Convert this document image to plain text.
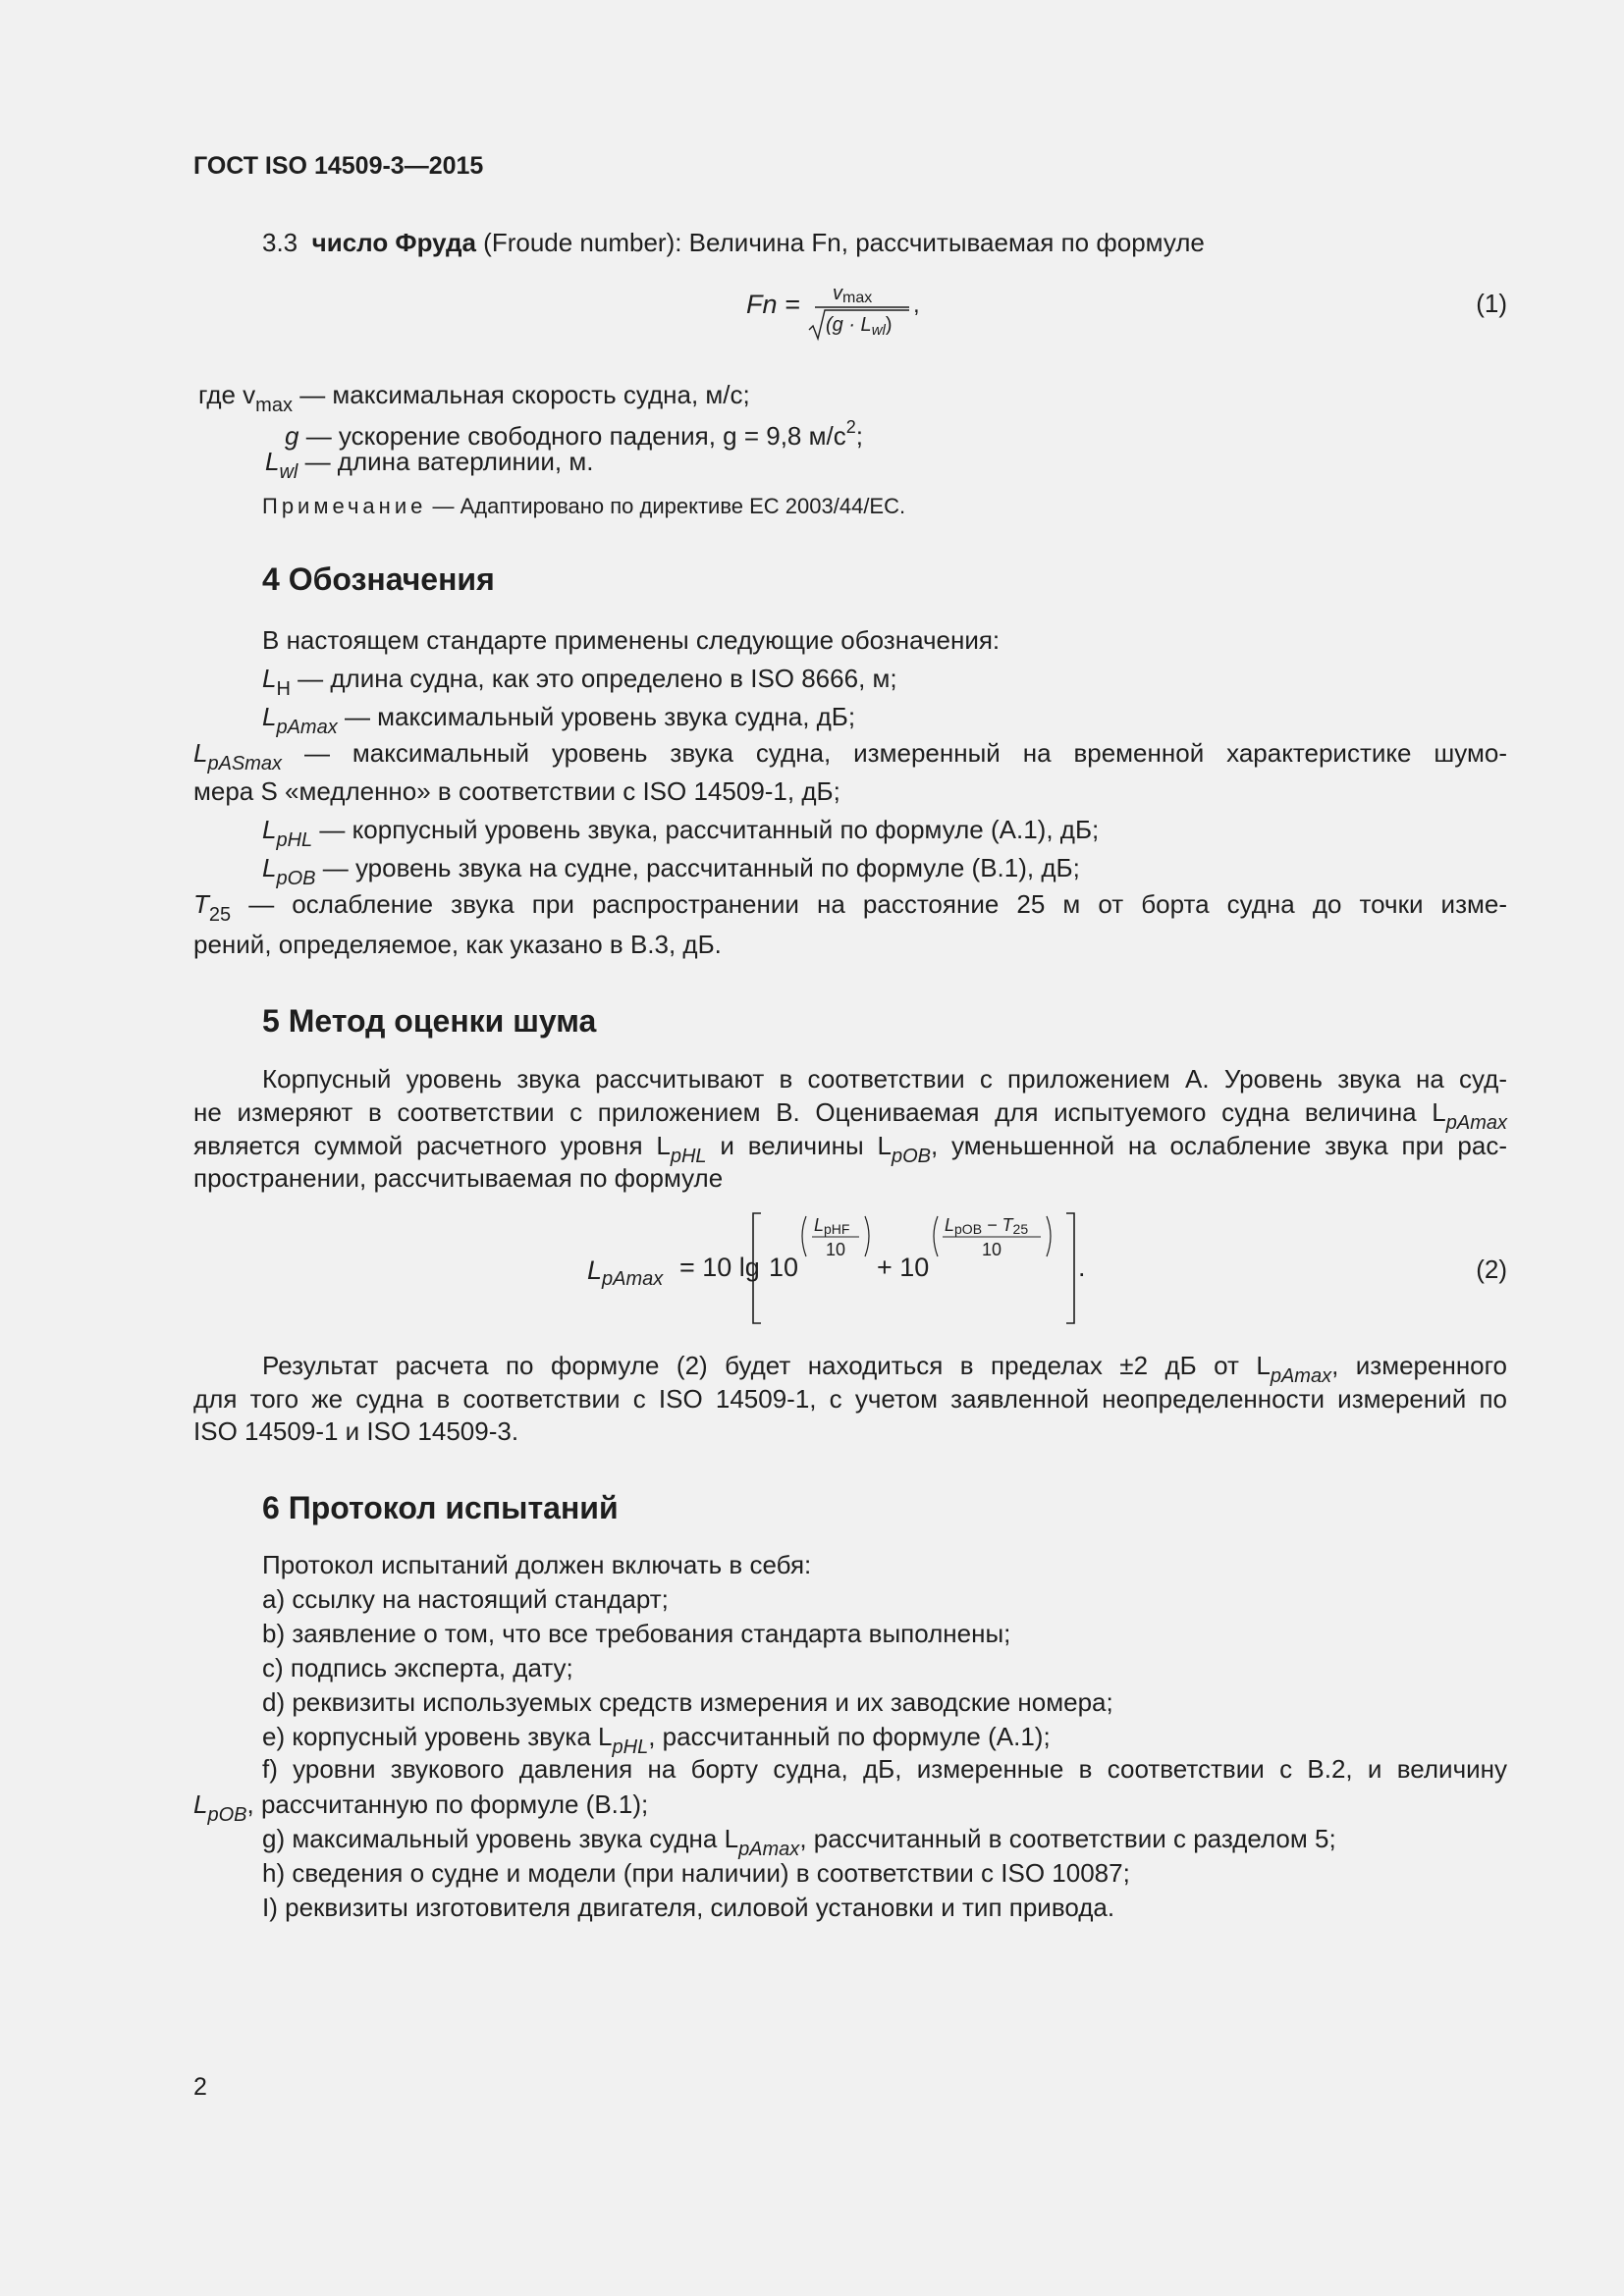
ГОСТ ISO 14509-3—2015
3.3 число Фруда (Froude number): Величина Fn, рассчитываемая по формуле
Fn = vmax
$(g \cdot L_{wl})$
,	(1)
где $v_{max}$ — максимальная скорость судна, м/с;
g — ускорение свободного падения, g = 9,8 $м/с^2$;
$L_{wl}$ — длина ватерлинии, м.
Примечание — Адаптировано по директиве ЕС 2003/44/ЕС.
4 Обозначения
В настоящем стандарте применены следующие обозначения:
$L_H$ — длина судна, как это определено в ISO 8666, м;
$L_{pAmax}$ — максимальный уровень звука судна, дБ;
$L_{pASmax}$ — максимальный уровень звука судна, измеренный на временной характеристике шумо-
мера S «медленно» в соответствии с ISO 14509-1, дБ;
$L_{pHL}$ — корпусный уровень звука, рассчитанный по формуле (А.1), дБ;
$L_{pOB}$ — уровень звука на судне, рассчитанный по формуле (В.1), дБ;
$T_{25}$ — ослабление звука при распространении на расстояние 25 м от борта судна до точки изме-
рений, определяемое, как указано в В.3, дБ.
5 Метод оценки шума
Корпусный уровень звука рассчитывают в соответствии с приложением А. Уровень звука на суд-
не измеряют в соответствии с приложением В. Оцениваемая для испытуемого судна величина $L_{pAmax}$
является суммой расчетного уровня $L_{pHL}$ и величины $L_{pOB}$, уменьшенной на ослабление звука при рас-
пространении, рассчитываемая по формуле
$L_{pAmax} = 10$ lg 10
LpHF
10
+ 10
LpOB − T25
10
.	(2)
Результат расчета по формуле (2) будет находиться в пределах ±2 дБ от $L_{pAmax}$, измеренного
для того же судна в соответствии с ISO 14509-1, с учетом заявленной неопределенности измерений по
ISO 14509-1 и ISO 14509-3.
6 Протокол испытаний
Протокол испытаний должен включать в себя:
a) ссылку на настоящий стандарт;
b) заявление о том, что все требования стандарта выполнены;
c) подпись эксперта, дату;
d) реквизиты используемых средств измерения и их заводские номера;
e) корпусный уровень звука $L_{pHL}$, рассчитанный по формуле (А.1);
f) уровни звукового давления на борту судна, дБ, измеренные в соответствии с В.2, и величину
$L_{pOB}$, рассчитанную по формуле (В.1);
g) максимальный уровень звука судна $L_{pAmax}$, рассчитанный в соответствии с разделом 5;
h) сведения о судне и модели (при наличии) в соответствии с ISO 10087;
I) реквизиты изготовителя двигателя, силовой установки и тип привода.
2
